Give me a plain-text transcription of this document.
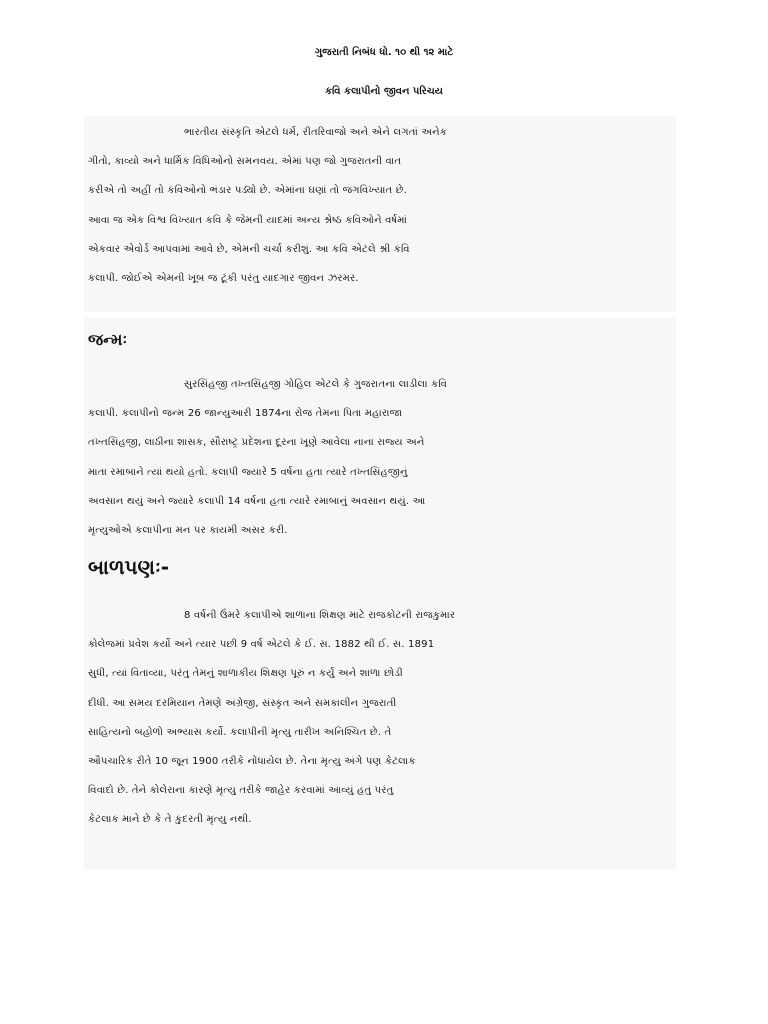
ગુજરાતી નિબંધ ધો. ૧૦ થી ૧૨ માટે
કવિ કલાપીનો જીવન પરિચય

ભારતીય સંસ્કૃતિ એટલે ધર્મ, રીતરિવાજો અને એને લગતાં અનેક
ગીતો, કાવ્યો અને ધાર્મિક વિધિઓનો સમનવય. એમાં પણ જો ગુજરાતની વાત
કરીએ તો અહીં તો કવિઓનો ભંડાર પડ્યો છે. એમાંના ઘણાં તો જગવિખ્યાત છે.
આવા જ એક વિશ્વ વિખ્યાત કવિ કે જેમની યાદમાં અન્ય શ્રેષ્ઠ કવિઓને વર્ષમાં
એકવાર એવોર્ડ આપવામાં આવે છે, એમની ચર્ચા કરીશું. આ કવિ એટલે શ્રી કવિ
કલાપી. જોઈએ એમની ખૂબ જ ટૂંકી પરંતુ યાદગાર જીવન ઝરમર.

જન્મઃ

સુરસિંહજી તખ્તસિંહજી ગોહિલ એટલે કે ગુજરાતના લાડીલા કવિ
કલાપી. કલાપીનો જન્મ 26 જાન્યુઆરી 1874ના રોજ તેમના પિતા મહારાજા
તખ્તસિંહજી, લાઠીના શાસક, સૌરાષ્ટ્ર પ્રદેશના દૂરના ખૂણે આવેલા નાના રાજ્ય અને
માતા રમાબાને ત્યાં થયો હતો. કલાપી જ્યારે 5 વર્ષના હતા ત્યારે તખ્તસિંહજીનું
અવસાન થયું અને જ્યારે કલાપી 14 વર્ષના હતા ત્યારે રમાબાનું અવસાન થયું. આ
મૃત્યુઓએ કલાપીના મન પર કાયમી અસર કરી.

બાળપણઃ-

8 વર્ષની ઉંમરે કલાપીએ શાળાના શિક્ષણ માટે રાજકોટની રાજકુમાર
કોલેજમાં પ્રવેશ કર્યો અને ત્યાર પછી 9 વર્ષ એટલે કે ઈ. સ. 1882 થી ઈ. સ. 1891
સુધી, ત્યાં વિતાવ્યા, પરંતુ તેમનું શાળાકીય શિક્ષણ પૂરું ન કર્યું અને શાળા છોડી
દીધી. આ સમય દરમિયાન તેમણે અંગ્રેજી, સંસ્કૃત અને સમકાલીન ગુજરાતી
સાહિત્યનો બહોળો અભ્યાસ કર્યો. કલાપીની મૃત્યુ તારીખ અનિશ્ચિત છે. તે
ઔપચારિક રીતે 10 જૂન 1900 તરીકે નોંધાયેલ છે. તેના મૃત્યુ અંગે પણ કેટલાક
વિવાદો છે. તેને કોલેરાના કારણે મૃત્યુ તરીકે જાહેર કરવામાં આવ્યું હતું પરંતુ
કેટલાક માને છે કે તે કુદરતી મૃત્યુ નથી.
